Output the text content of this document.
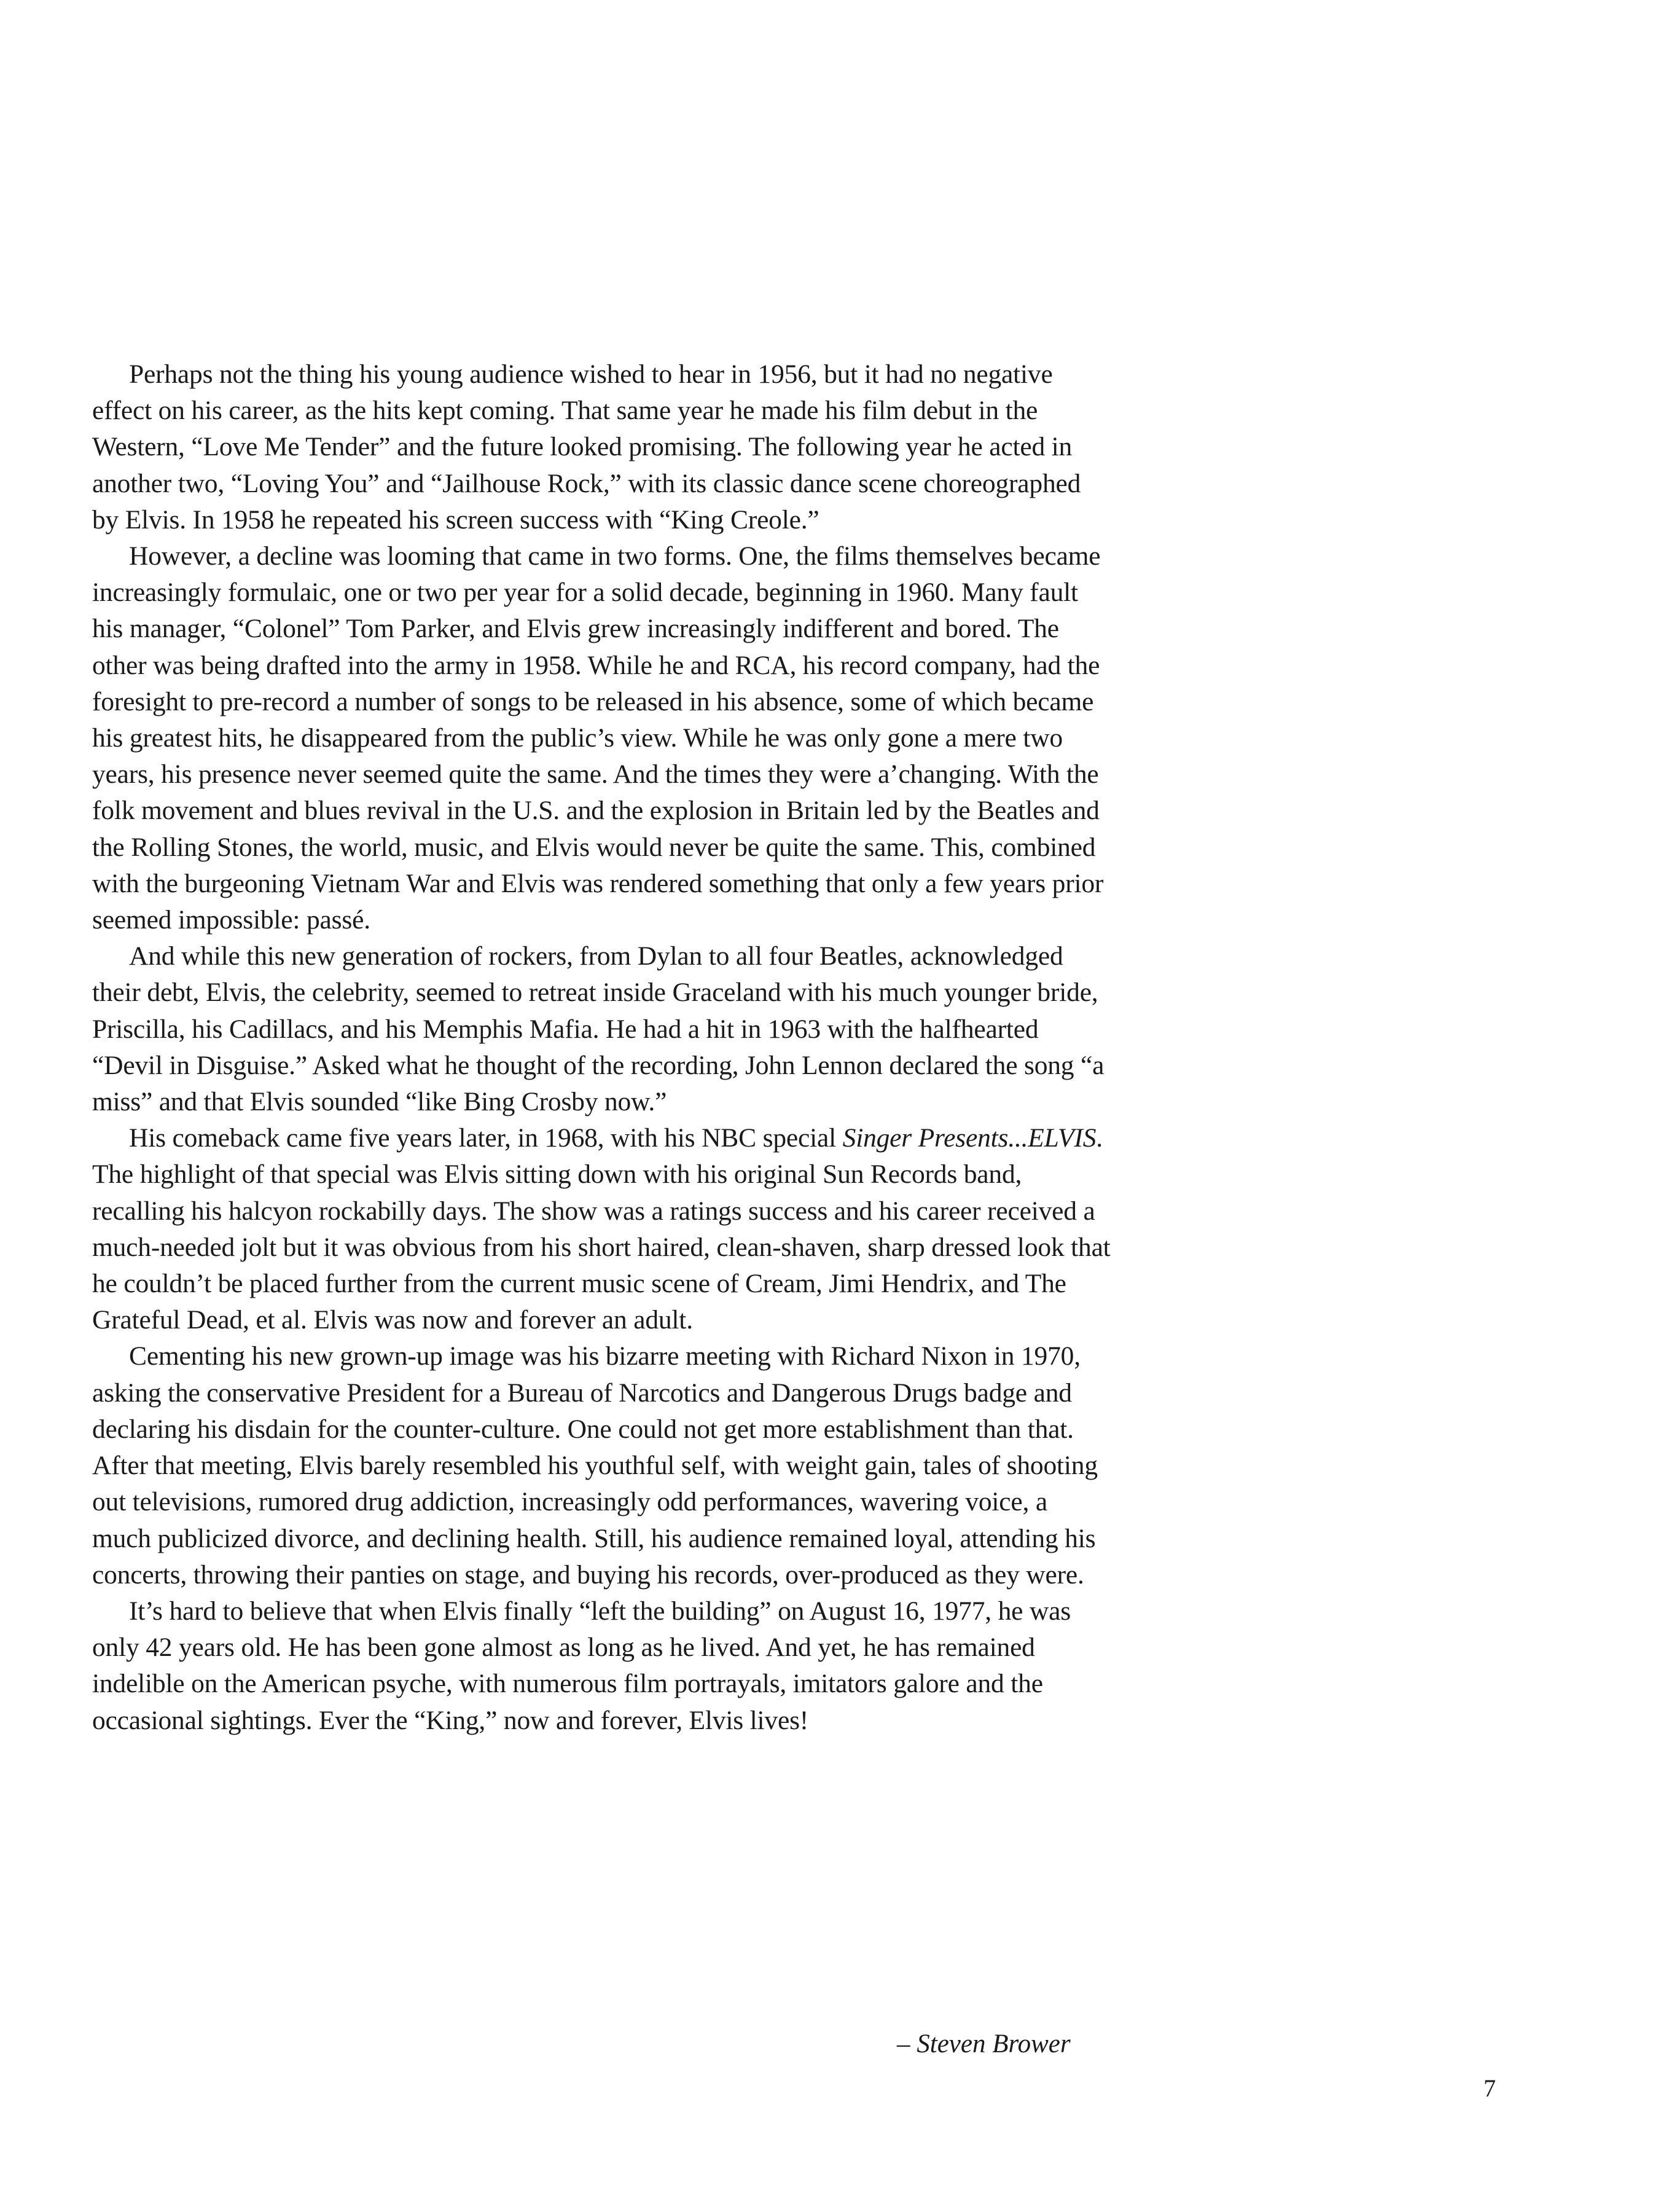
Perhaps not the thing his young audience wished to hear in 1956, but it had no negative effect on his career, as the hits kept coming. That same year he made his film debut in the Western, “Love Me Tender” and the future looked promising. The following year he acted in another two, “Loving You” and “Jailhouse Rock,” with its classic dance scene choreographed by Elvis. In 1958 he repeated his screen success with “King Creole.”

However, a decline was looming that came in two forms. One, the films themselves became increasingly formulaic, one or two per year for a solid decade, beginning in 1960. Many fault his manager, “Colonel” Tom Parker, and Elvis grew increasingly indifferent and bored. The other was being drafted into the army in 1958. While he and RCA, his record company, had the foresight to pre-record a number of songs to be released in his absence, some of which became his greatest hits, he disappeared from the public’s view. While he was only gone a mere two years, his presence never seemed quite the same. And the times they were a’changing. With the folk movement and blues revival in the U.S. and the explosion in Britain led by the Beatles and the Rolling Stones, the world, music, and Elvis would never be quite the same. This, combined with the burgeoning Vietnam War and Elvis was rendered something that only a few years prior seemed impossible: passé.

And while this new generation of rockers, from Dylan to all four Beatles, acknowledged their debt, Elvis, the celebrity, seemed to retreat inside Graceland with his much younger bride, Priscilla, his Cadillacs, and his Memphis Mafia. He had a hit in 1963 with the halfhearted “Devil in Disguise.” Asked what he thought of the recording, John Lennon declared the song “a miss” and that Elvis sounded “like Bing Crosby now.”

His comeback came five years later, in 1968, with his NBC special Singer Presents...ELVIS. The highlight of that special was Elvis sitting down with his original Sun Records band, recalling his halcyon rockabilly days. The show was a ratings success and his career received a much-needed jolt but it was obvious from his short haired, clean-shaven, sharp dressed look that he couldn’t be placed further from the current music scene of Cream, Jimi Hendrix, and The Grateful Dead, et al. Elvis was now and forever an adult.

Cementing his new grown-up image was his bizarre meeting with Richard Nixon in 1970, asking the conservative President for a Bureau of Narcotics and Dangerous Drugs badge and declaring his disdain for the counter-culture. One could not get more establishment than that. After that meeting, Elvis barely resembled his youthful self, with weight gain, tales of shooting out televisions, rumored drug addiction, increasingly odd performances, wavering voice, a much publicized divorce, and declining health. Still, his audience remained loyal, attending his concerts, throwing their panties on stage, and buying his records, over-produced as they were.

It’s hard to believe that when Elvis finally “left the building” on August 16, 1977, he was only 42 years old. He has been gone almost as long as he lived. And yet, he has remained indelible on the American psyche, with numerous film portrayals, imitators galore and the occasional sightings. Ever the “King,” now and forever, Elvis lives!

– Steven Brower
7
